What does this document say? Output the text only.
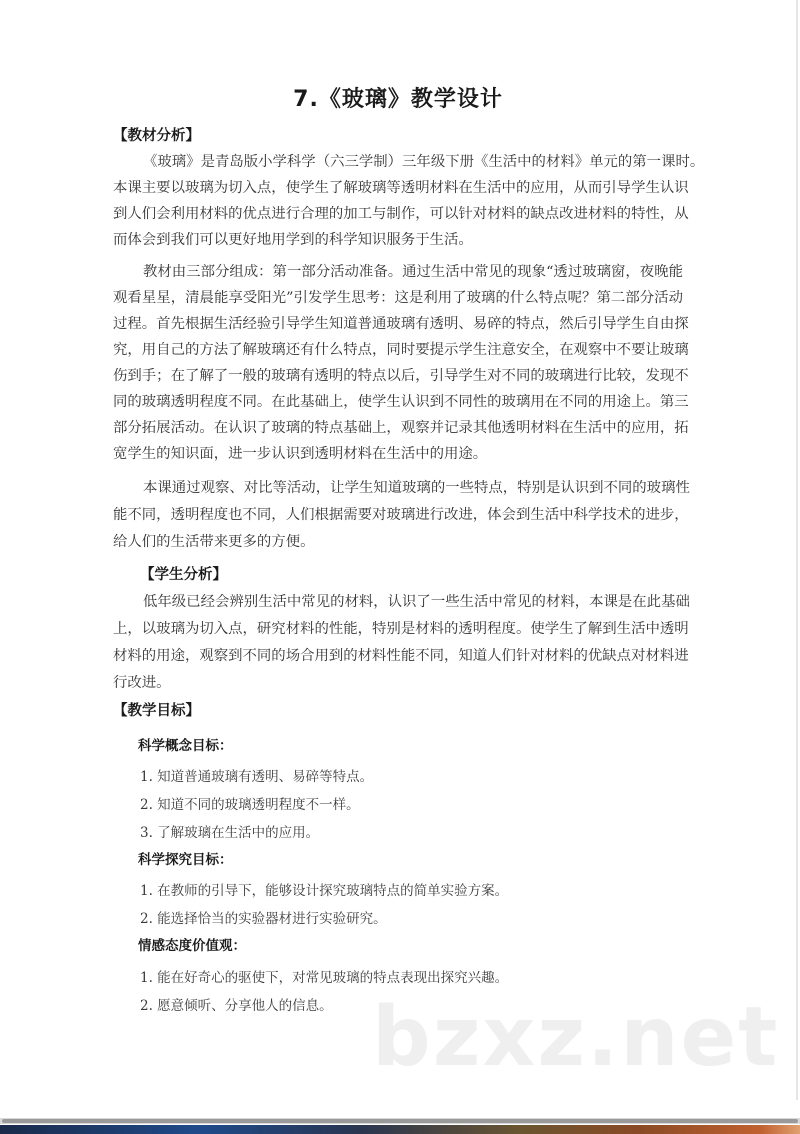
7.《玻璃》教学设计
【教材分析】
《玻璃》是青岛版小学科学（六三学制）三年级下册《生活中的材料》单元的第一课时。
本课主要以玻璃为切入点，使学生了解玻璃等透明材料在生活中的应用，从而引导学生认识
到人们会利用材料的优点进行合理的加工与制作，可以针对材料的缺点改进材料的特性，从
而体会到我们可以更好地用学到的科学知识服务于生活。
教材由三部分组成：第一部分活动准备。通过生活中常见的现象“透过玻璃窗，夜晚能
观看星星，清晨能享受阳光”引发学生思考：这是利用了玻璃的什么特点呢？第二部分活动
过程。首先根据生活经验引导学生知道普通玻璃有透明、易碎的特点，然后引导学生自由探
究，用自己的方法了解玻璃还有什么特点，同时要提示学生注意安全，在观察中不要让玻璃
伤到手；在了解了一般的玻璃有透明的特点以后，引导学生对不同的玻璃进行比较，发现不
同的玻璃透明程度不同。在此基础上，使学生认识到不同性的玻璃用在不同的用途上。第三
部分拓展活动。在认识了玻璃的特点基础上，观察并记录其他透明材料在生活中的应用，拓
宽学生的知识面，进一步认识到透明材料在生活中的用途。
本课通过观察、对比等活动，让学生知道玻璃的一些特点，特别是认识到不同的玻璃性
能不同，透明程度也不同，人们根据需要对玻璃进行改进，体会到生活中科学技术的进步，
给人们的生活带来更多的方便。
【学生分析】
低年级已经会辨别生活中常见的材料，认识了一些生活中常见的材料，本课是在此基础
上，以玻璃为切入点，研究材料的性能，特别是材料的透明程度。使学生了解到生活中透明
材料的用途，观察到不同的场合用到的材料性能不同，知道人们针对材料的优缺点对材料进
行改进。
【教学目标】
科学概念目标：
1. 知道普通玻璃有透明、易碎等特点。
2. 知道不同的玻璃透明程度不一样。
3. 了解玻璃在生活中的应用。
科学探究目标：
1. 在教师的引导下，能够设计探究玻璃特点的简单实验方案。
2. 能选择恰当的实验器材进行实验研究。
情感态度价值观：
1. 能在好奇心的驱使下，对常见玻璃的特点表现出探究兴趣。
2. 愿意倾听、分享他人的信息。 bzxz.net
